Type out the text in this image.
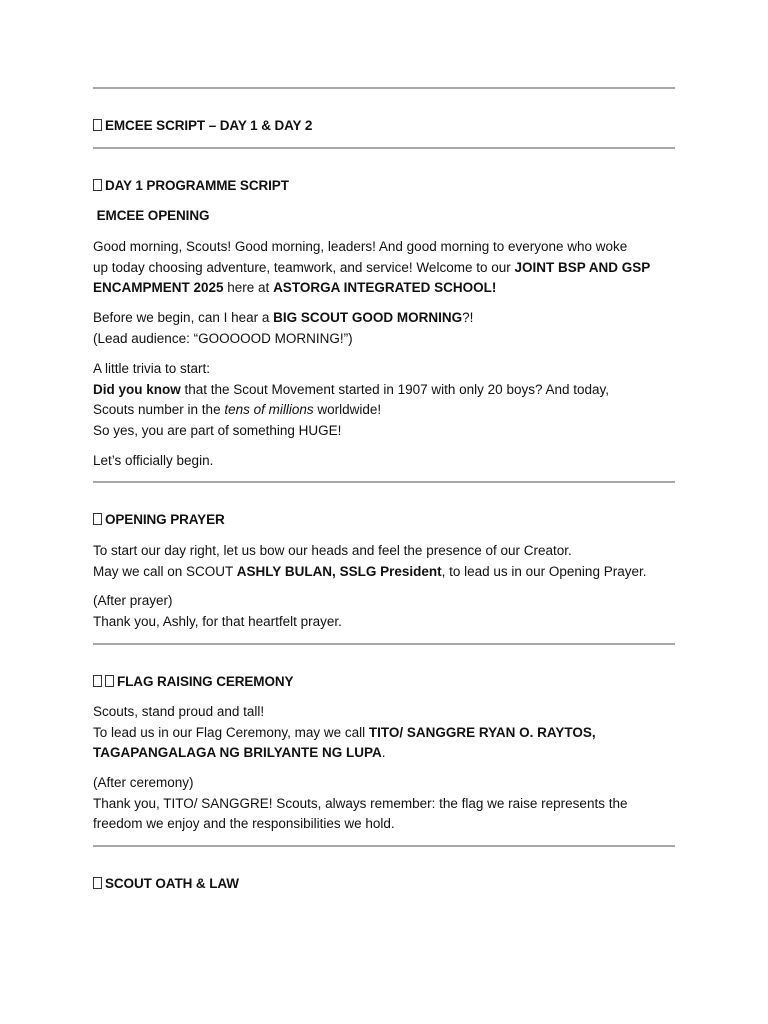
EMCEE SCRIPT – DAY 1 & DAY 2
DAY 1 PROGRAMME SCRIPT
EMCEE OPENING
Good morning, Scouts! Good morning, leaders! And good morning to everyone who woke
up today choosing adventure, teamwork, and service! Welcome to our JOINT BSP AND GSP
ENCAMPMENT 2025 here at ASTORGA INTEGRATED SCHOOL!
Before we begin, can I hear a BIG SCOUT GOOD MORNING?!
(Lead audience: “GOOOOOD MORNING!”)
A little trivia to start:
Did you know that the Scout Movement started in 1907 with only 20 boys? And today,
Scouts number in the tens of millions worldwide!
So yes, you are part of something HUGE!
Let’s officially begin.
OPENING PRAYER
To start our day right, let us bow our heads and feel the presence of our Creator.
May we call on SCOUT ASHLY BULAN, SSLG President, to lead us in our Opening Prayer.
(After prayer)
Thank you, Ashly, for that heartfelt prayer.
FLAG RAISING CEREMONY
Scouts, stand proud and tall!
To lead us in our Flag Ceremony, may we call TITO/ SANGGRE RYAN O. RAYTOS,
TAGAPANGALAGA NG BRILYANTE NG LUPA.
(After ceremony)
Thank you, TITO/ SANGGRE! Scouts, always remember: the flag we raise represents the
freedom we enjoy and the responsibilities we hold.
SCOUT OATH & LAW
